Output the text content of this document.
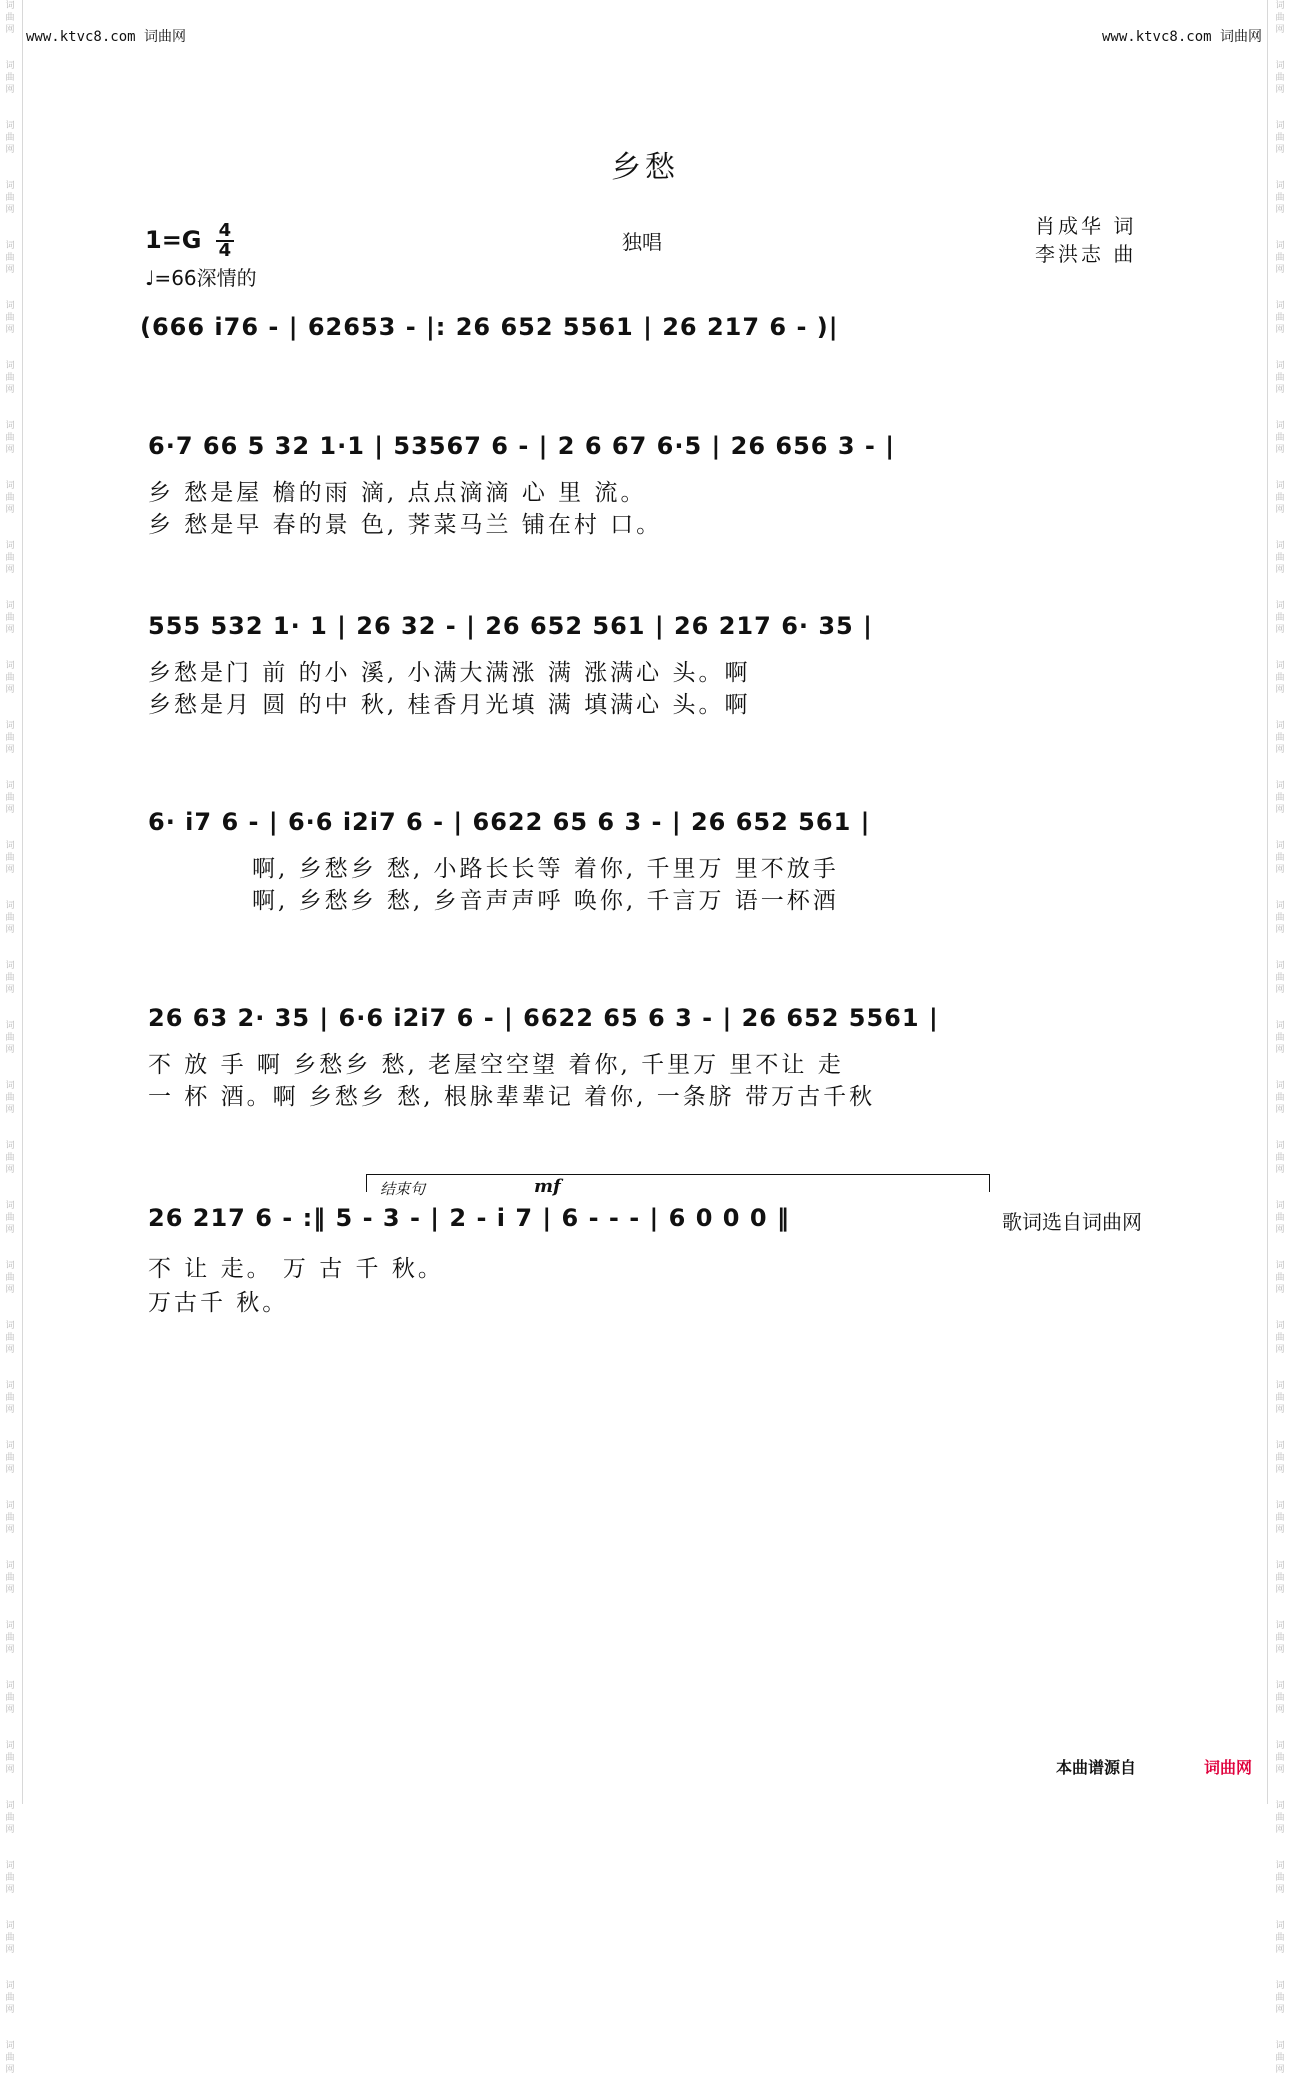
词
曲
网

词
曲
网

词
曲
网

词
曲
网

词
曲
网

词
曲
网

词
曲
网

词
曲
网

词
曲
网

词
曲
网

词
曲
网

词
曲
网

词
曲
网

词
曲
网

词
曲
网

词
曲
网

词
曲
网

词
曲
网

词
曲
网

词
曲
网

词
曲
网

词
曲
网

词
曲
网

词
曲
网

词
曲
网

词
曲
网

词
曲
网

词
曲
网

词
曲
网

词
曲
网

词
曲
网

词
曲
网

词
曲
网

词
曲
网

词
曲
网

词
曲
网

词
曲
网

词
曲
网

词
曲
网

词
曲
网

词
曲
网

词
曲
网

词
曲
网

词
曲
网

词
曲
网

词
曲
网

词
曲
网

词
曲
网

词
曲
网

词
曲
网

词
曲
网

词
曲
网

词
曲
网

词
曲
网

词
曲
网

词
曲
网

词
曲
网

词
曲
网

词
曲
网

词
曲
网

词
曲
网

词
曲
网

词
曲
网

词
曲
网

词
曲
网

词
曲
网

词
曲
网

词
曲
网

词
曲
网

词
曲
网

www.ktvc8.com 词曲网	www.ktvc8.com 词曲网
乡愁
$1=G \frac{4}{4}$
♩=66深情的
独唱
肖成华 词
李洪志 曲
(666 i76 - | 62653 - |: 26 652 5561 | 26 217 6 - )|
6·7 66 5 32 1·1 | 53567 6 - | 2 6 67 6·5 | 26 656 3 - |
乡 愁是屋 檐的雨 滴, 点点滴滴 心 里 流。
乡 愁是早 春的景 色, 荠菜马兰 铺在村 口。
555 532 1· 1 | 26 32 - | 26 652 561 | 26 217 6· 35 |
乡愁是门 前 的小 溪, 小满大满涨 满 涨满心 头。啊
乡愁是月 圆 的中 秋, 桂香月光填 满 填满心 头。啊
6· i7 6 - | 6·6 i2i7 6 - | 6622 65 6 3 - | 26 652 561 |
啊, 乡愁乡 愁, 小路长长等 着你, 千里万 里不放手
啊, 乡愁乡 愁, 乡音声声呼 唤你, 千言万 语一杯酒
26 63 2· 35 | 6·6 i2i7 6 - | 6622 65 6 3 - | 26 652 5561 |
不 放 手 啊 乡愁乡 愁, 老屋空空望 着你, 千里万 里不让 走
一 杯 酒。啊 乡愁乡 愁, 根脉辈辈记 着你, 一条脐 带万古千秋
结束句	mf
26 217 6 - :‖ 5 - 3 - | 2 - i 7 | 6 - - - | 6 0 0 0 ‖	歌词选自词曲网
不 让 走。 万 古 千 秋。
万古千 秋。
本曲谱源自	词曲网
